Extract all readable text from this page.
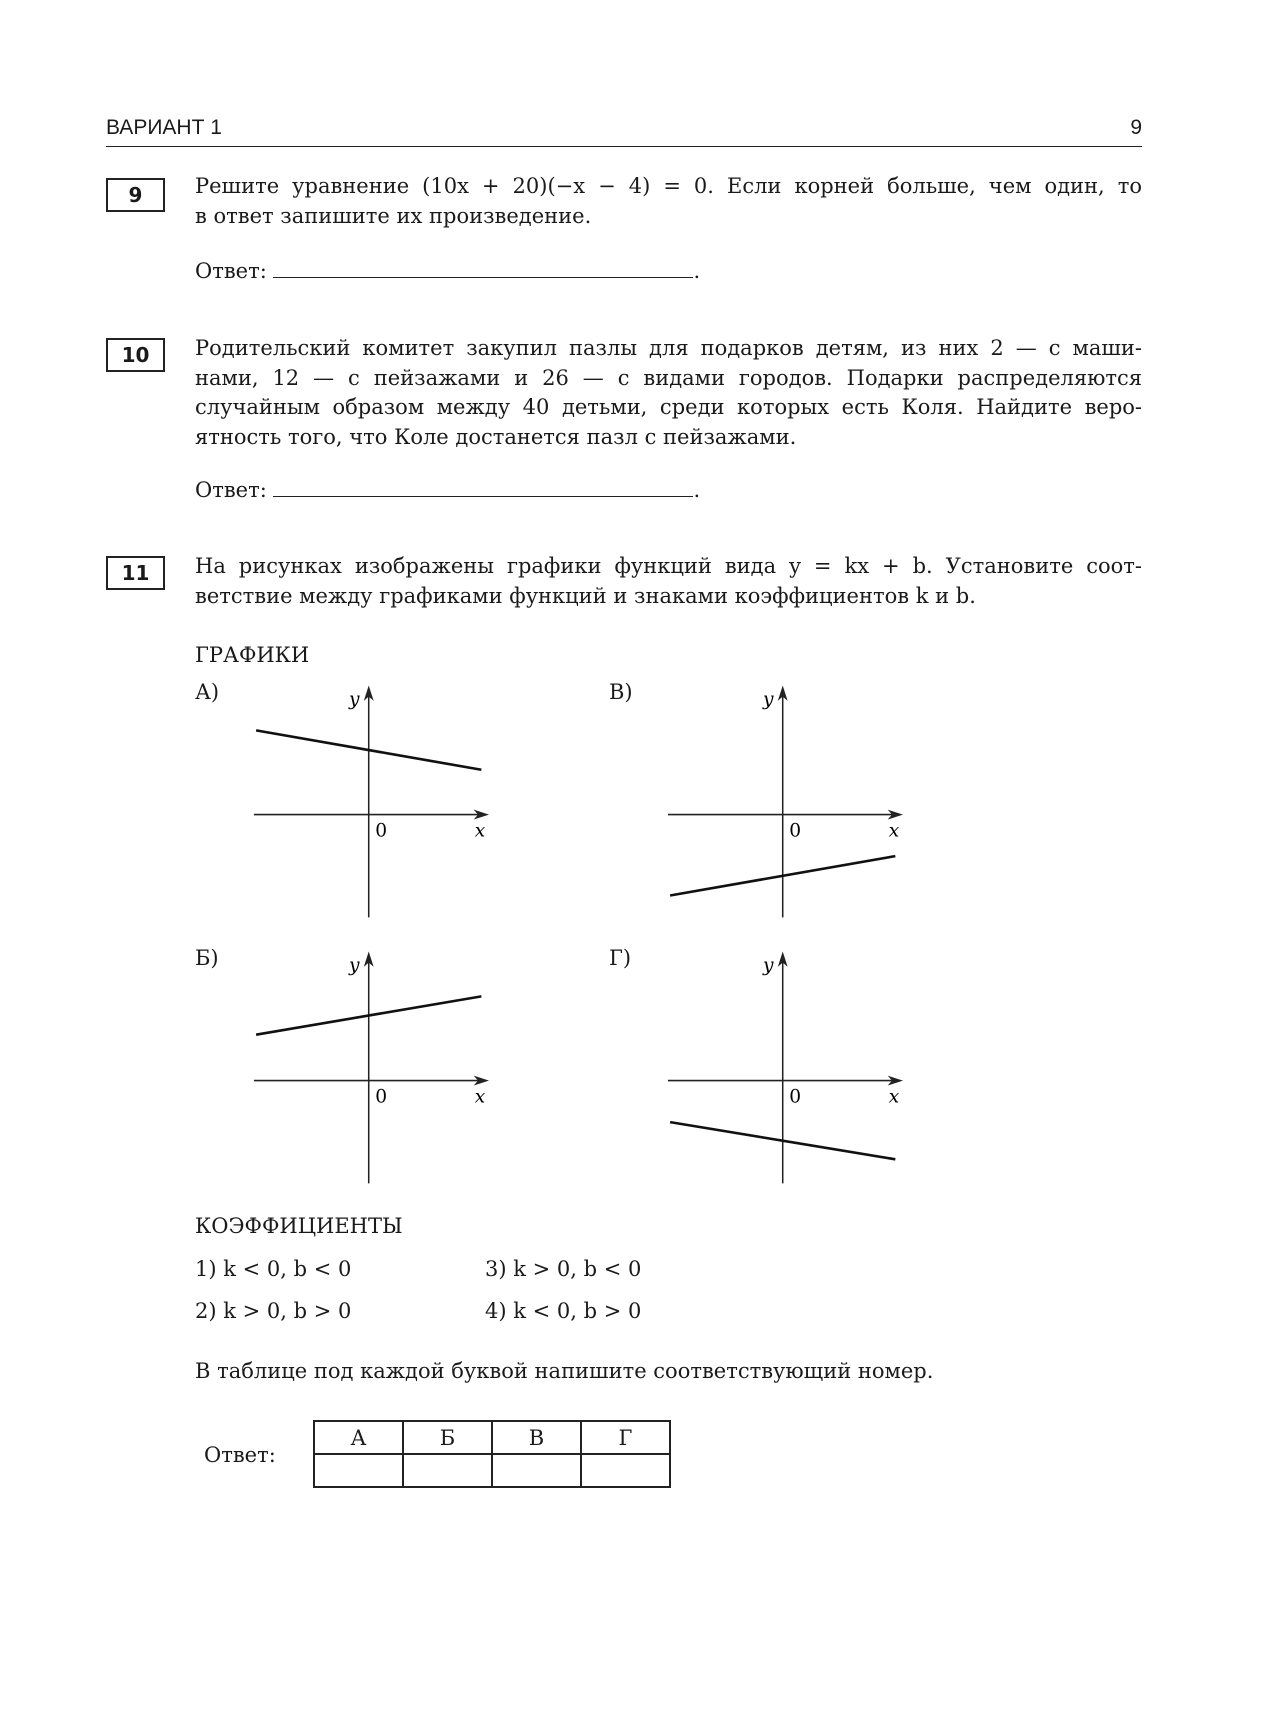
ВАРИАНТ 1	9
9	Решите уравнение (10x + 20)(−x − 4) = 0. Если корней больше, чем один, то
в ответ запишите их произведение.
Ответ:	.
10	Родительский комитет закупил пазлы для подарков детям, из них 2 — с маши-
нами, 12 — с пейзажами и 26 — с видами городов. Подарки распределяются
случайным образом между 40 детьми, среди которых есть Коля. Найдите веро-
ятность того, что Коле достанется пазл с пейзажами.
Ответ:	.
11	На рисунках изображены графики функций вида y = kx + b. Установите соот-
ветствие между графиками функций и знаками коэффициентов k и b.
ГРАФИКИ
А)
Б)
В)
Г)
y
0	x
y
0	x
y
0	x
y
0	x
КОЭФФИЦИЕНТЫ
1) k < 0, b < 0
2) k > 0, b > 0
3) k > 0, b < 0
4) k < 0, b > 0
В таблице под каждой буквой напишите соответствующий номер.
Ответ:
А	Б	В	Г
